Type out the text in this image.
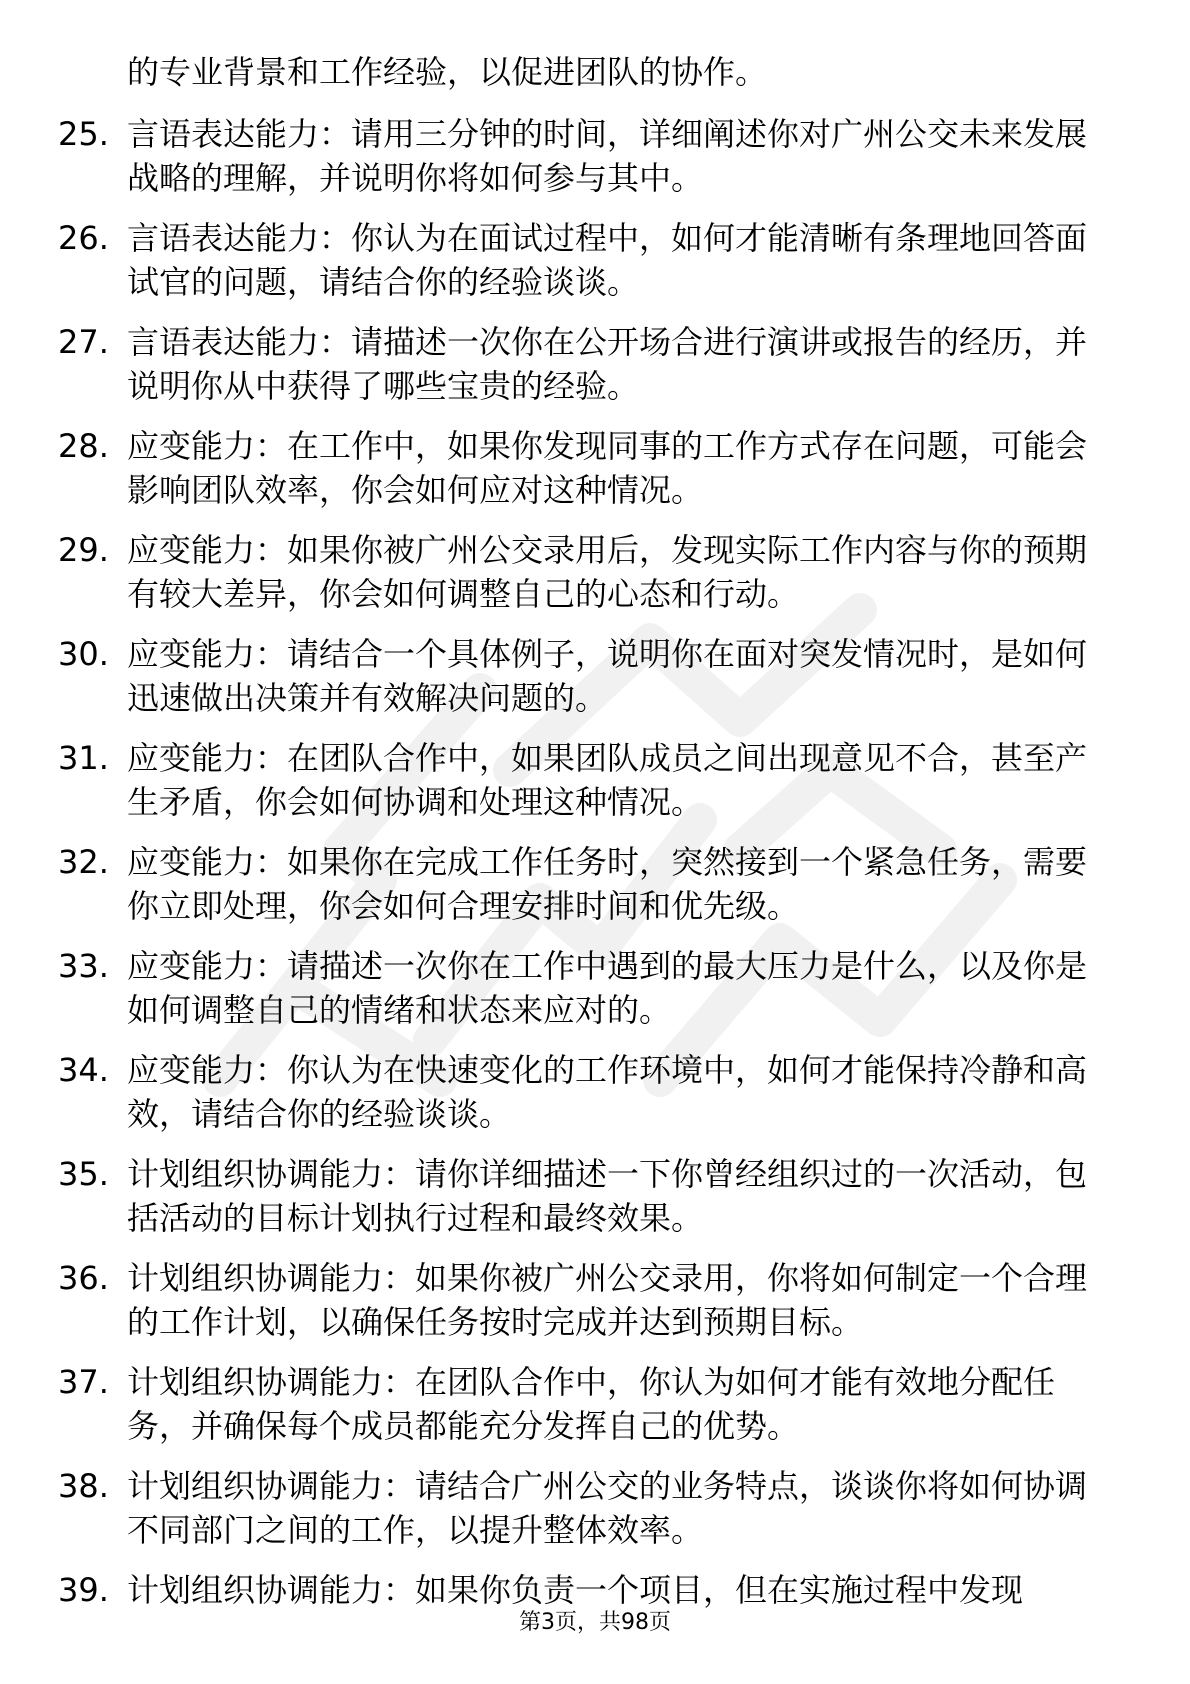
的专业背景和工作经验，以促进团队的协作。
25. 言语表达能力：请用三分钟的时间，详细阐述你对广州公交未来发展战略的理解，并说明你将如何参与其中。
26. 言语表达能力：你认为在面试过程中，如何才能清晰有条理地回答面试官的问题，请结合你的经验谈谈。
27. 言语表达能力：请描述一次你在公开场合进行演讲或报告的经历，并说明你从中获得了哪些宝贵的经验。
28. 应变能力：在工作中，如果你发现同事的工作方式存在问题，可能会影响团队效率，你会如何应对这种情况。
29. 应变能力：如果你被广州公交录用后，发现实际工作内容与你的预期有较大差异，你会如何调整自己的心态和行动。
30. 应变能力：请结合一个具体例子，说明你在面对突发情况时，是如何迅速做出决策并有效解决问题的。
31. 应变能力：在团队合作中，如果团队成员之间出现意见不合，甚至产生矛盾，你会如何协调和处理这种情况。
32. 应变能力：如果你在完成工作任务时，突然接到一个紧急任务，需要你立即处理，你会如何合理安排时间和优先级。
33. 应变能力：请描述一次你在工作中遇到的最大压力是什么，以及你是如何调整自己的情绪和状态来应对的。
34. 应变能力：你认为在快速变化的工作环境中，如何才能保持冷静和高效，请结合你的经验谈谈。
35. 计划组织协调能力：请你详细描述一下你曾经组织过的一次活动，包括活动的目标计划执行过程和最终效果。
36. 计划组织协调能力：如果你被广州公交录用，你将如何制定一个合理的工作计划，以确保任务按时完成并达到预期目标。
37. 计划组织协调能力：在团队合作中，你认为如何才能有效地分配任务，并确保每个成员都能充分发挥自己的优势。
38. 计划组织协调能力：请结合广州公交的业务特点，谈谈你将如何协调不同部门之间的工作，以提升整体效率。
39. 计划组织协调能力：如果你负责一个项目，但在实施过程中发现
第3页，共98页
